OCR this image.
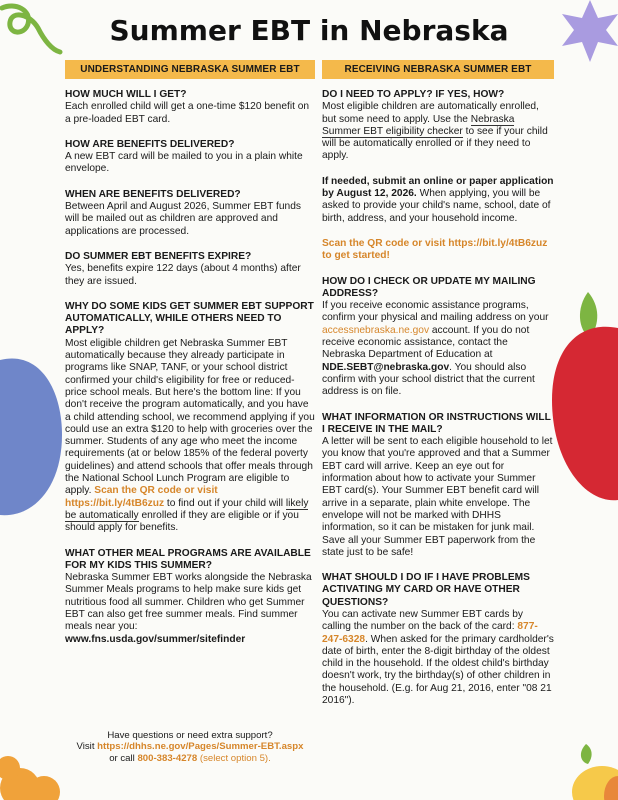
Summer EBT in Nebraska
UNDERSTANDING NEBRASKA SUMMER EBT

HOW MUCH WILL I GET?

Each enrolled child will get a one-time $120 benefit on a pre-loaded EBT card.

HOW ARE BENEFITS DELIVERED?

A new EBT card will be mailed to you in a plain white envelope.

WHEN ARE BENEFITS DELIVERED?

Between April and August 2026, Summer EBT funds will be mailed out as children are approved and applications are processed.

DO SUMMER EBT BENEFITS EXPIRE?

Yes, benefits expire 122 days (about 4 months) after they are issued.

WHY DO SOME KIDS GET SUMMER EBT SUPPORT AUTOMATICALLY, WHILE OTHERS NEED TO APPLY?

Most eligible children get Nebraska Summer EBT automatically because they already participate in programs like SNAP, TANF, or your school district confirmed your child's eligibility for free or reduced-price school meals. But here's the bottom line: If you don't receive the program automatically, and you have a child attending school, we recommend applying if you could use an extra $120 to help with groceries over the summer. Students of any age who meet the income requirements (at or below 185% of the federal poverty guidelines) and attend schools that offer meals through the National School Lunch Program are eligible to apply. Scan the QR code or visit https://bit.ly/4tB6zuz to find out if your child will likely be automatically enrolled if they are eligible or if you should apply for benefits.

WHAT OTHER MEAL PROGRAMS ARE AVAILABLE FOR MY KIDS THIS SUMMER?

Nebraska Summer EBT works alongside the Nebraska Summer Meals programs to help make sure kids get nutritious food all summer. Children who get Summer EBT can also get free summer meals. Find summer meals near you: www.fns.usda.gov/summer/sitefinder

RECEIVING NEBRASKA SUMMER EBT

DO I NEED TO APPLY? IF YES, HOW?

Most eligible children are automatically enrolled, but some need to apply. Use the Nebraska Summer EBT eligibility checker to see if your child will be automatically enrolled or if they need to apply.

If needed, submit an online or paper application by August 12, 2026. When applying, you will be asked to provide your child's name, school, date of birth, address, and your household income.

Scan the QR code or visit https://bit.ly/4tB6zuz to get started!

HOW DO I CHECK OR UPDATE MY MAILING ADDRESS?

If you receive economic assistance programs, confirm your physical and mailing address on your accessnebraska.ne.gov account. If you do not receive economic assistance, contact the Nebraska Department of Education at NDE.SEBT@nebraska.gov. You should also confirm with your school district that the current address is on file.

WHAT INFORMATION OR INSTRUCTIONS WILL I RECEIVE IN THE MAIL?

A letter will be sent to each eligible household to let you know that you're approved and that a Summer EBT card will arrive. Keep an eye out for information about how to activate your Summer EBT card(s). Your Summer EBT benefit card will arrive in a separate, plain white envelope. The envelope will not be marked with DHHS information, so it can be mistaken for junk mail. Save all your Summer EBT paperwork from the state just to be safe!

WHAT SHOULD I DO IF I HAVE PROBLEMS ACTIVATING MY CARD OR HAVE OTHER QUESTIONS?

You can activate new Summer EBT cards by calling the number on the back of the card: 877-247-6328. When asked for the primary cardholder's date of birth, enter the 8-digit birthday of the oldest child in the household. If the oldest child's birthday doesn't work, try the birthday(s) of other children in the household. (E.g. for Aug 21, 2016, enter "08 21 2016").

Have questions or need extra support?
Visit https://dhhs.ne.gov/Pages/Summer-EBT.aspx
or call 800-383-4278 (select option 5).
